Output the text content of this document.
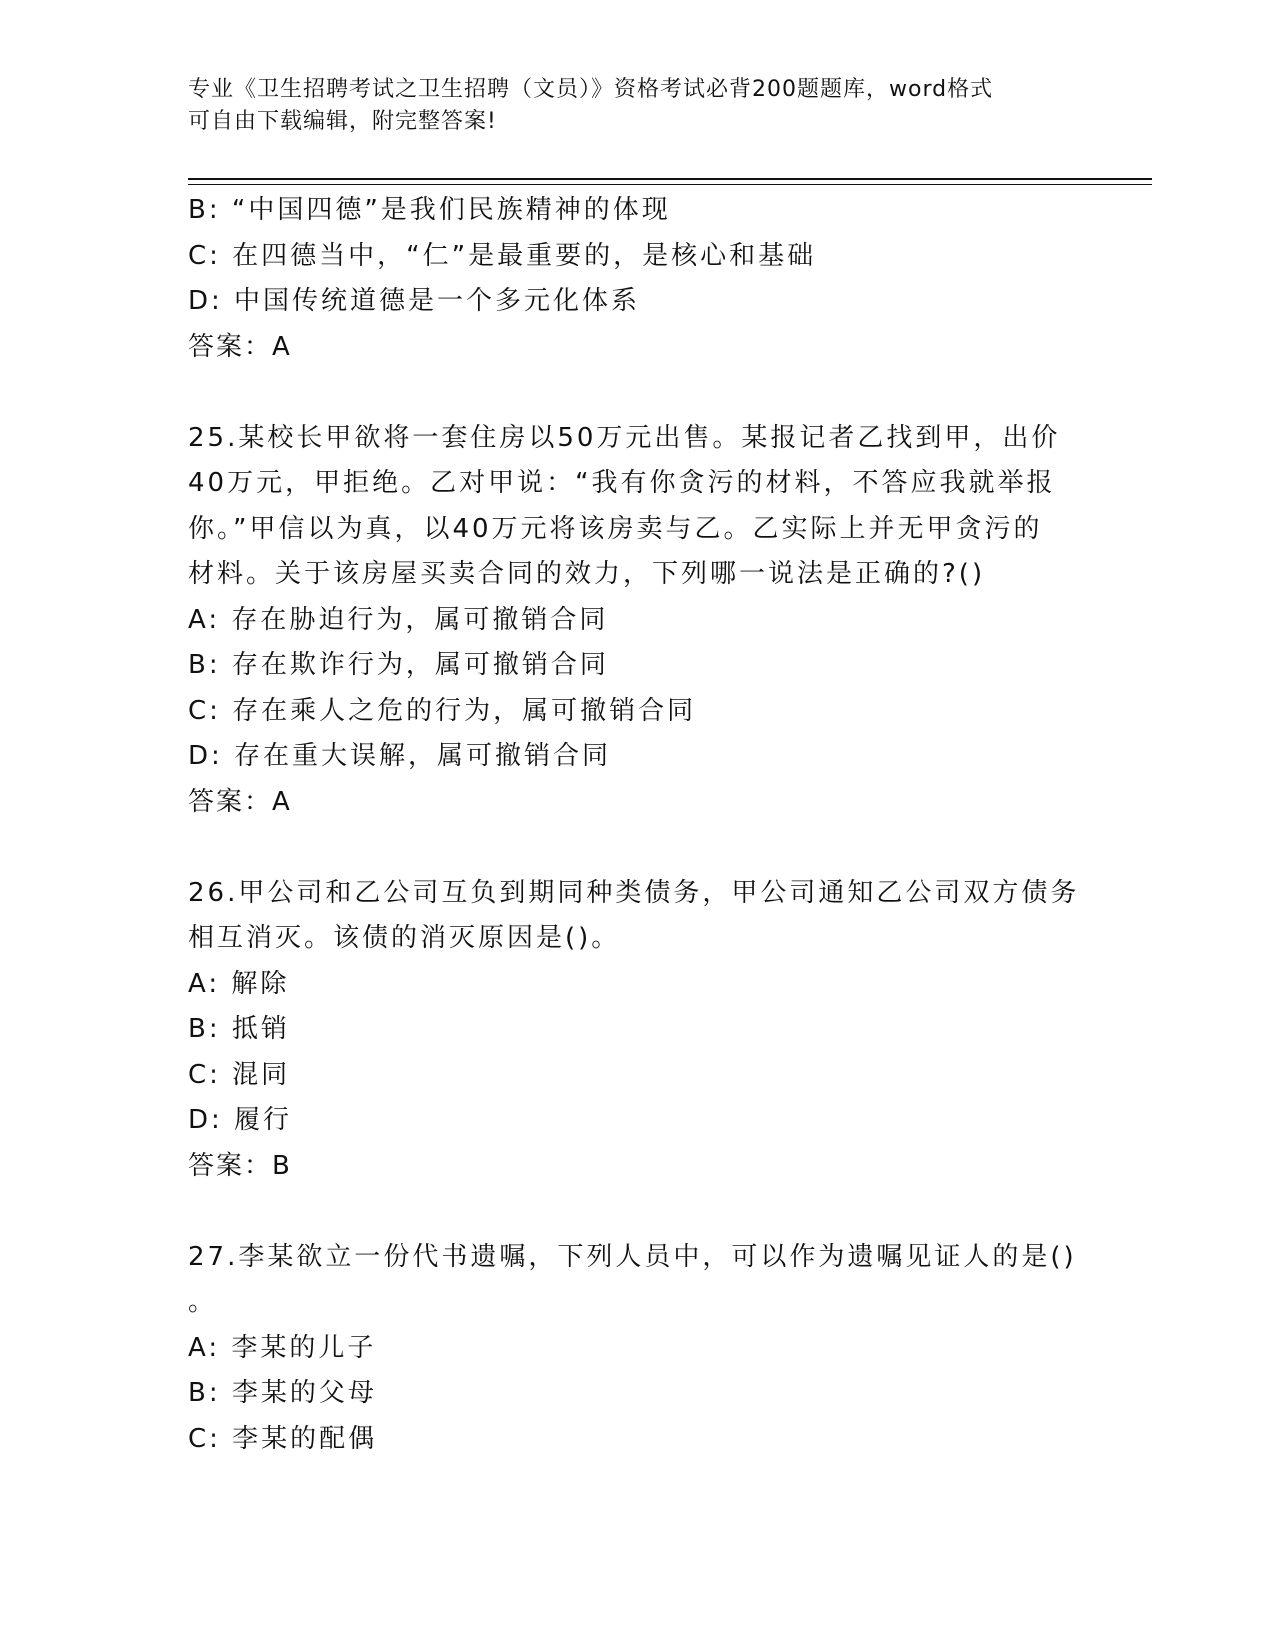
专业《卫生招聘考试之卫生招聘（文员）》资格考试必背200题题库，word格式
可自由下载编辑，附完整答案!
B: “中国四德”是我们民族精神的体现
C: 在四德当中，“仁”是最重要的，是核心和基础
D: 中国传统道德是一个多元化体系
答案：A
25.某校长甲欲将一套住房以50万元出售。某报记者乙找到甲，出价
40万元，甲拒绝。乙对甲说：“我有你贪污的材料，不答应我就举报
你。”甲信以为真，以40万元将该房卖与乙。乙实际上并无甲贪污的
材料。关于该房屋买卖合同的效力，下列哪一说法是正确的?()
A: 存在胁迫行为，属可撤销合同
B: 存在欺诈行为，属可撤销合同
C: 存在乘人之危的行为，属可撤销合同
D: 存在重大误解，属可撤销合同
答案：A
26.甲公司和乙公司互负到期同种类债务，甲公司通知乙公司双方债务
相互消灭。该债的消灭原因是()。
A: 解除
B: 抵销
C: 混同
D: 履行
答案：B
27.李某欲立一份代书遗嘱，下列人员中，可以作为遗嘱见证人的是()
。
A: 李某的儿子
B: 李某的父母
C: 李某的配偶
